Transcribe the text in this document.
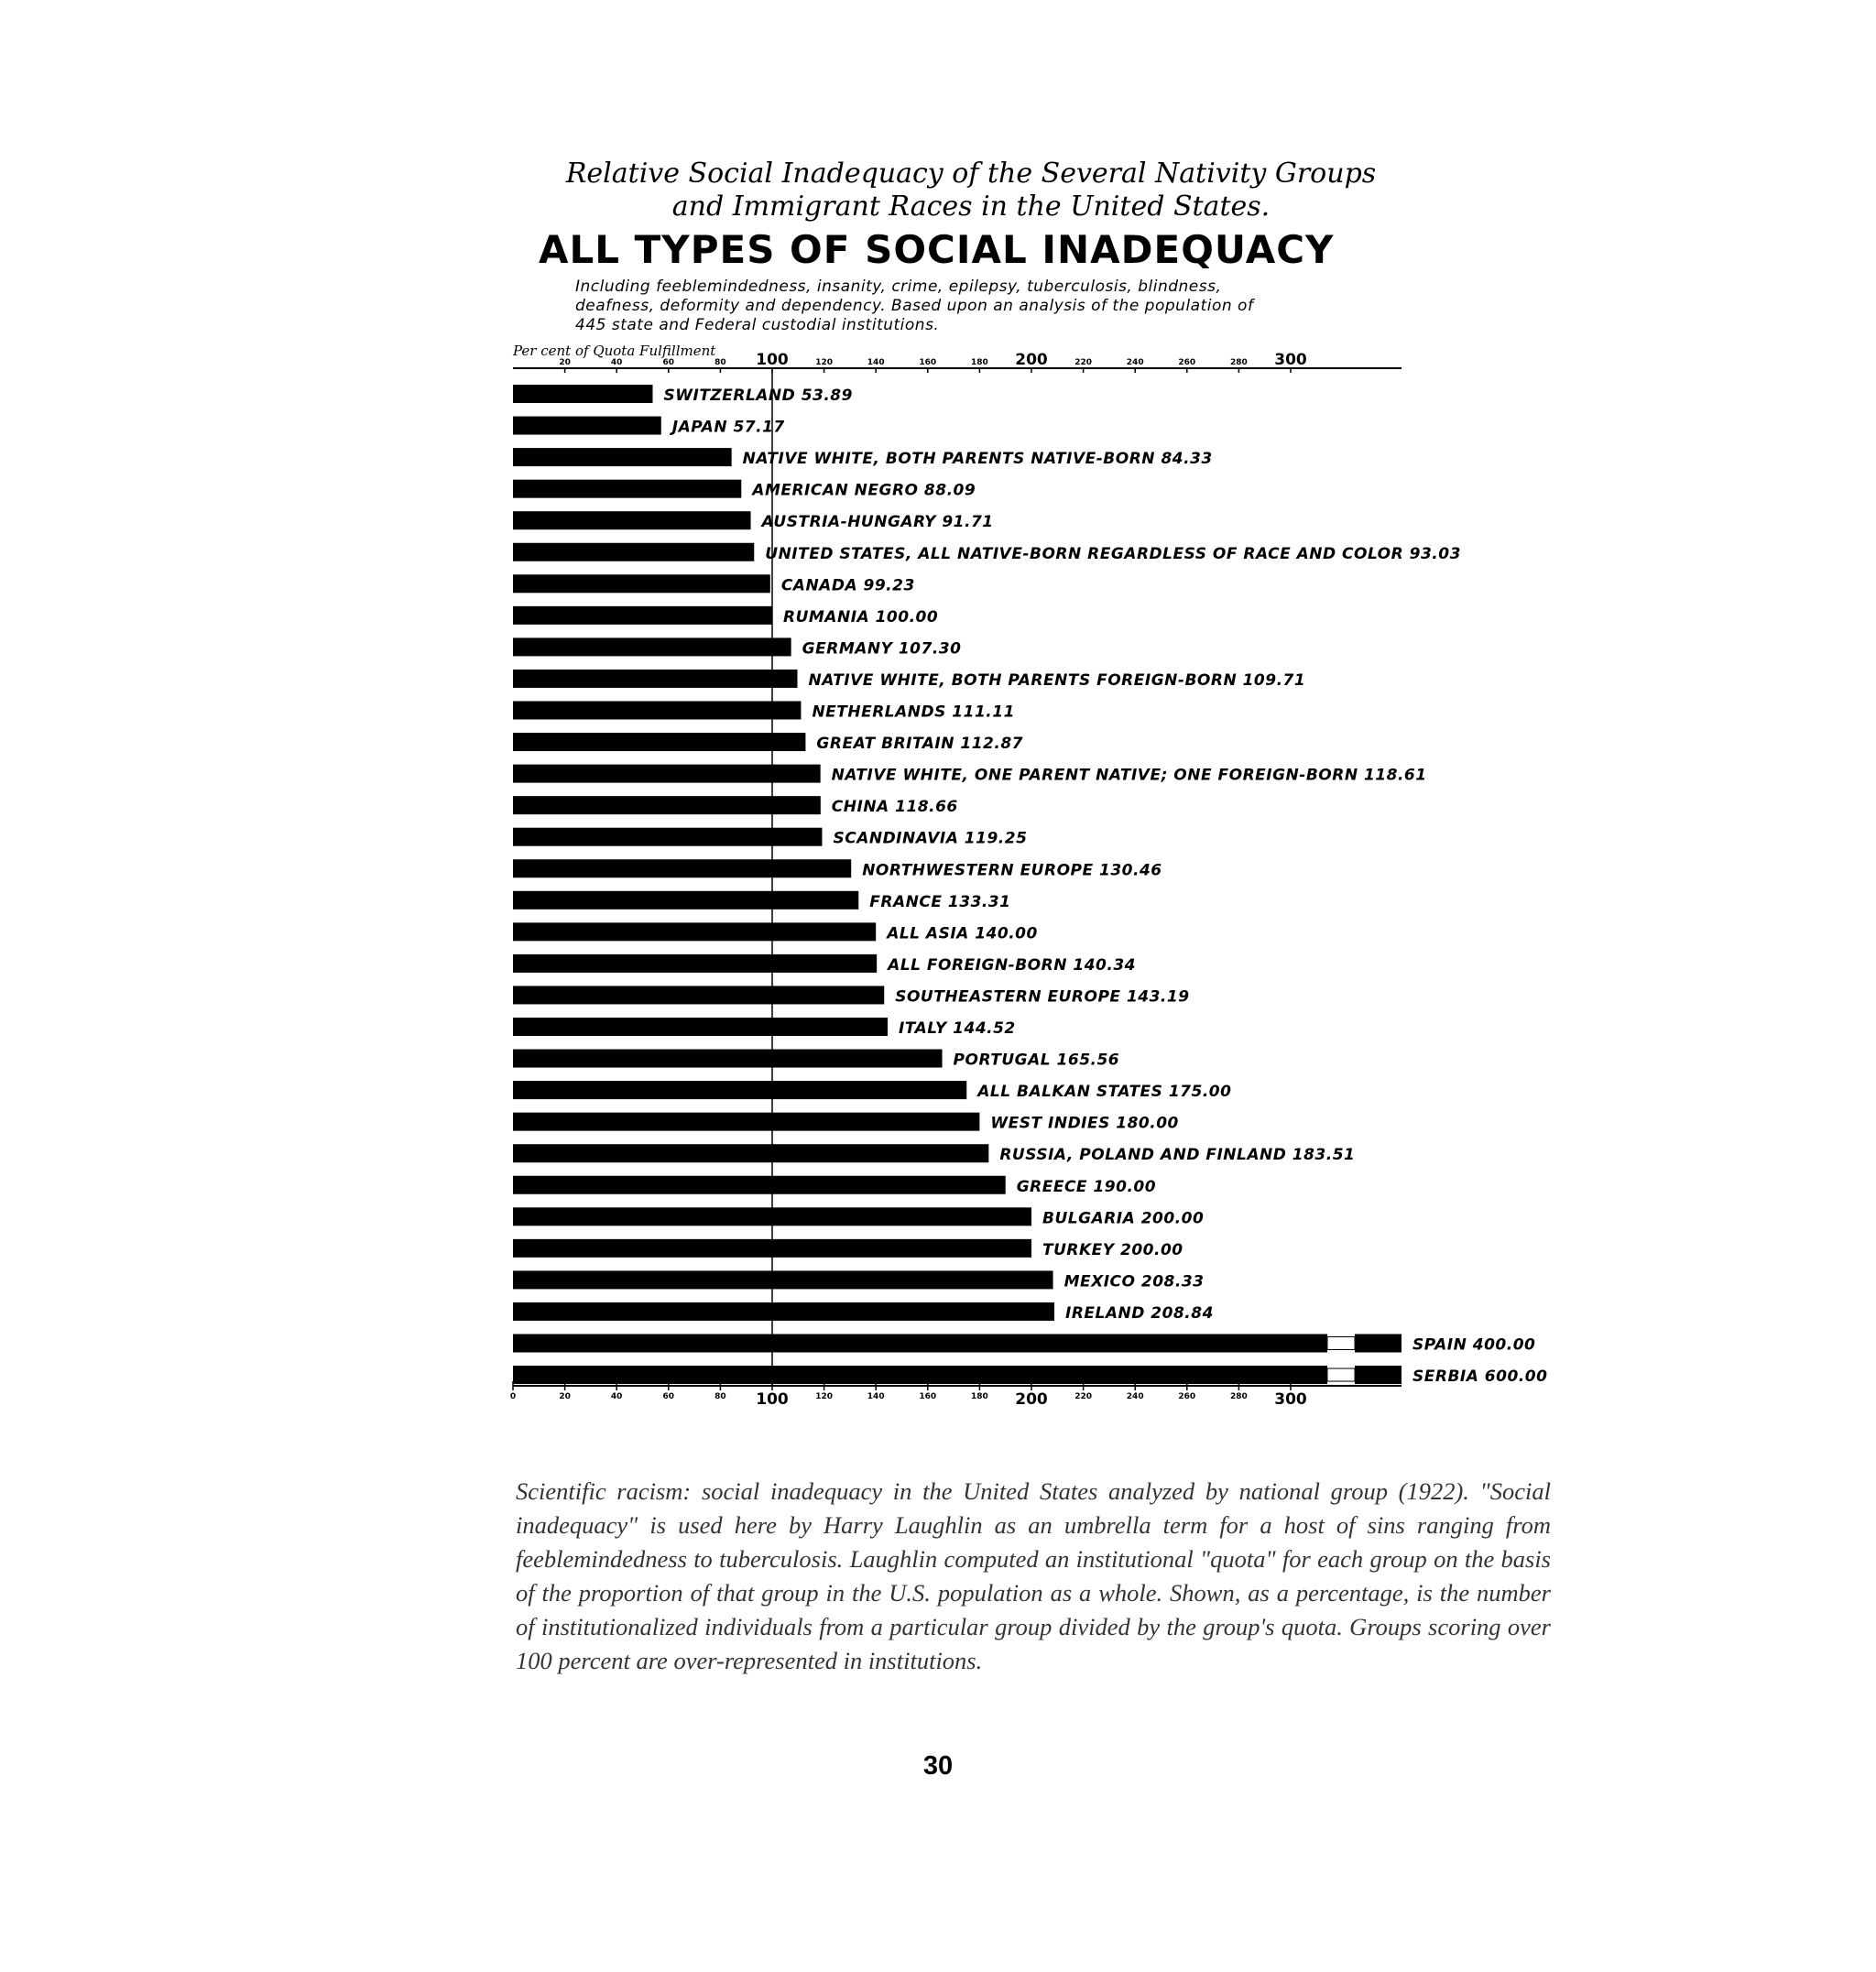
Relative Social Inadequacy of the Several Nativity Groups
and Immigrant Races in the United States.
ALL TYPES OF SOCIAL INADEQUACY
Including feeblemindedness, insanity, crime, epilepsy, tuberculosis, blindness, deafness, deformity and dependency. Based upon an analysis of the population of 445 state and Federal custodial institutions.
Per cent of Quota Fulfillment
20	40	60	80 100	120	140	160	180 200	220	240	260	280 300
0	20	40	60	80 100	120	140	160	180 200	220	240	260	280 300
SWITZERLAND 53.89
JAPAN 57.17
NATIVE WHITE, BOTH PARENTS NATIVE-BORN 84.33
AMERICAN NEGRO 88.09
AUSTRIA-HUNGARY 91.71
UNITED STATES, ALL NATIVE-BORN REGARDLESS OF RACE AND COLOR 93.03
CANADA 99.23
RUMANIA 100.00
GERMANY 107.30
NATIVE WHITE, BOTH PARENTS FOREIGN-BORN 109.71
NETHERLANDS 111.11
GREAT BRITAIN 112.87
NATIVE WHITE, ONE PARENT NATIVE; ONE FOREIGN-BORN 118.61
CHINA 118.66
SCANDINAVIA 119.25
NORTHWESTERN EUROPE 130.46
FRANCE 133.31
ALL ASIA 140.00
ALL FOREIGN-BORN 140.34
SOUTHEASTERN EUROPE 143.19
ITALY 144.52
PORTUGAL 165.56
ALL BALKAN STATES 175.00
WEST INDIES 180.00
RUSSIA, POLAND AND FINLAND 183.51
GREECE 190.00
BULGARIA 200.00
TURKEY 200.00
MEXICO 208.33
IRELAND 208.84
SPAIN 400.00
SERBIA 600.00

Scientific racism: social inadequacy in the United States analyzed by national group (1922). "Social inadequacy" is used here by Harry Laughlin as an umbrella term for a host of sins ranging from feeblemindedness to tuberculosis. Laughlin computed an institutional "quota" for each group on the basis of the proportion of that group in the U.S. population as a whole. Shown, as a percentage, is the number of institutionalized individuals from a particular group divided by the group's quota. Groups scoring over 100 percent are over-represented in institutions.

30
